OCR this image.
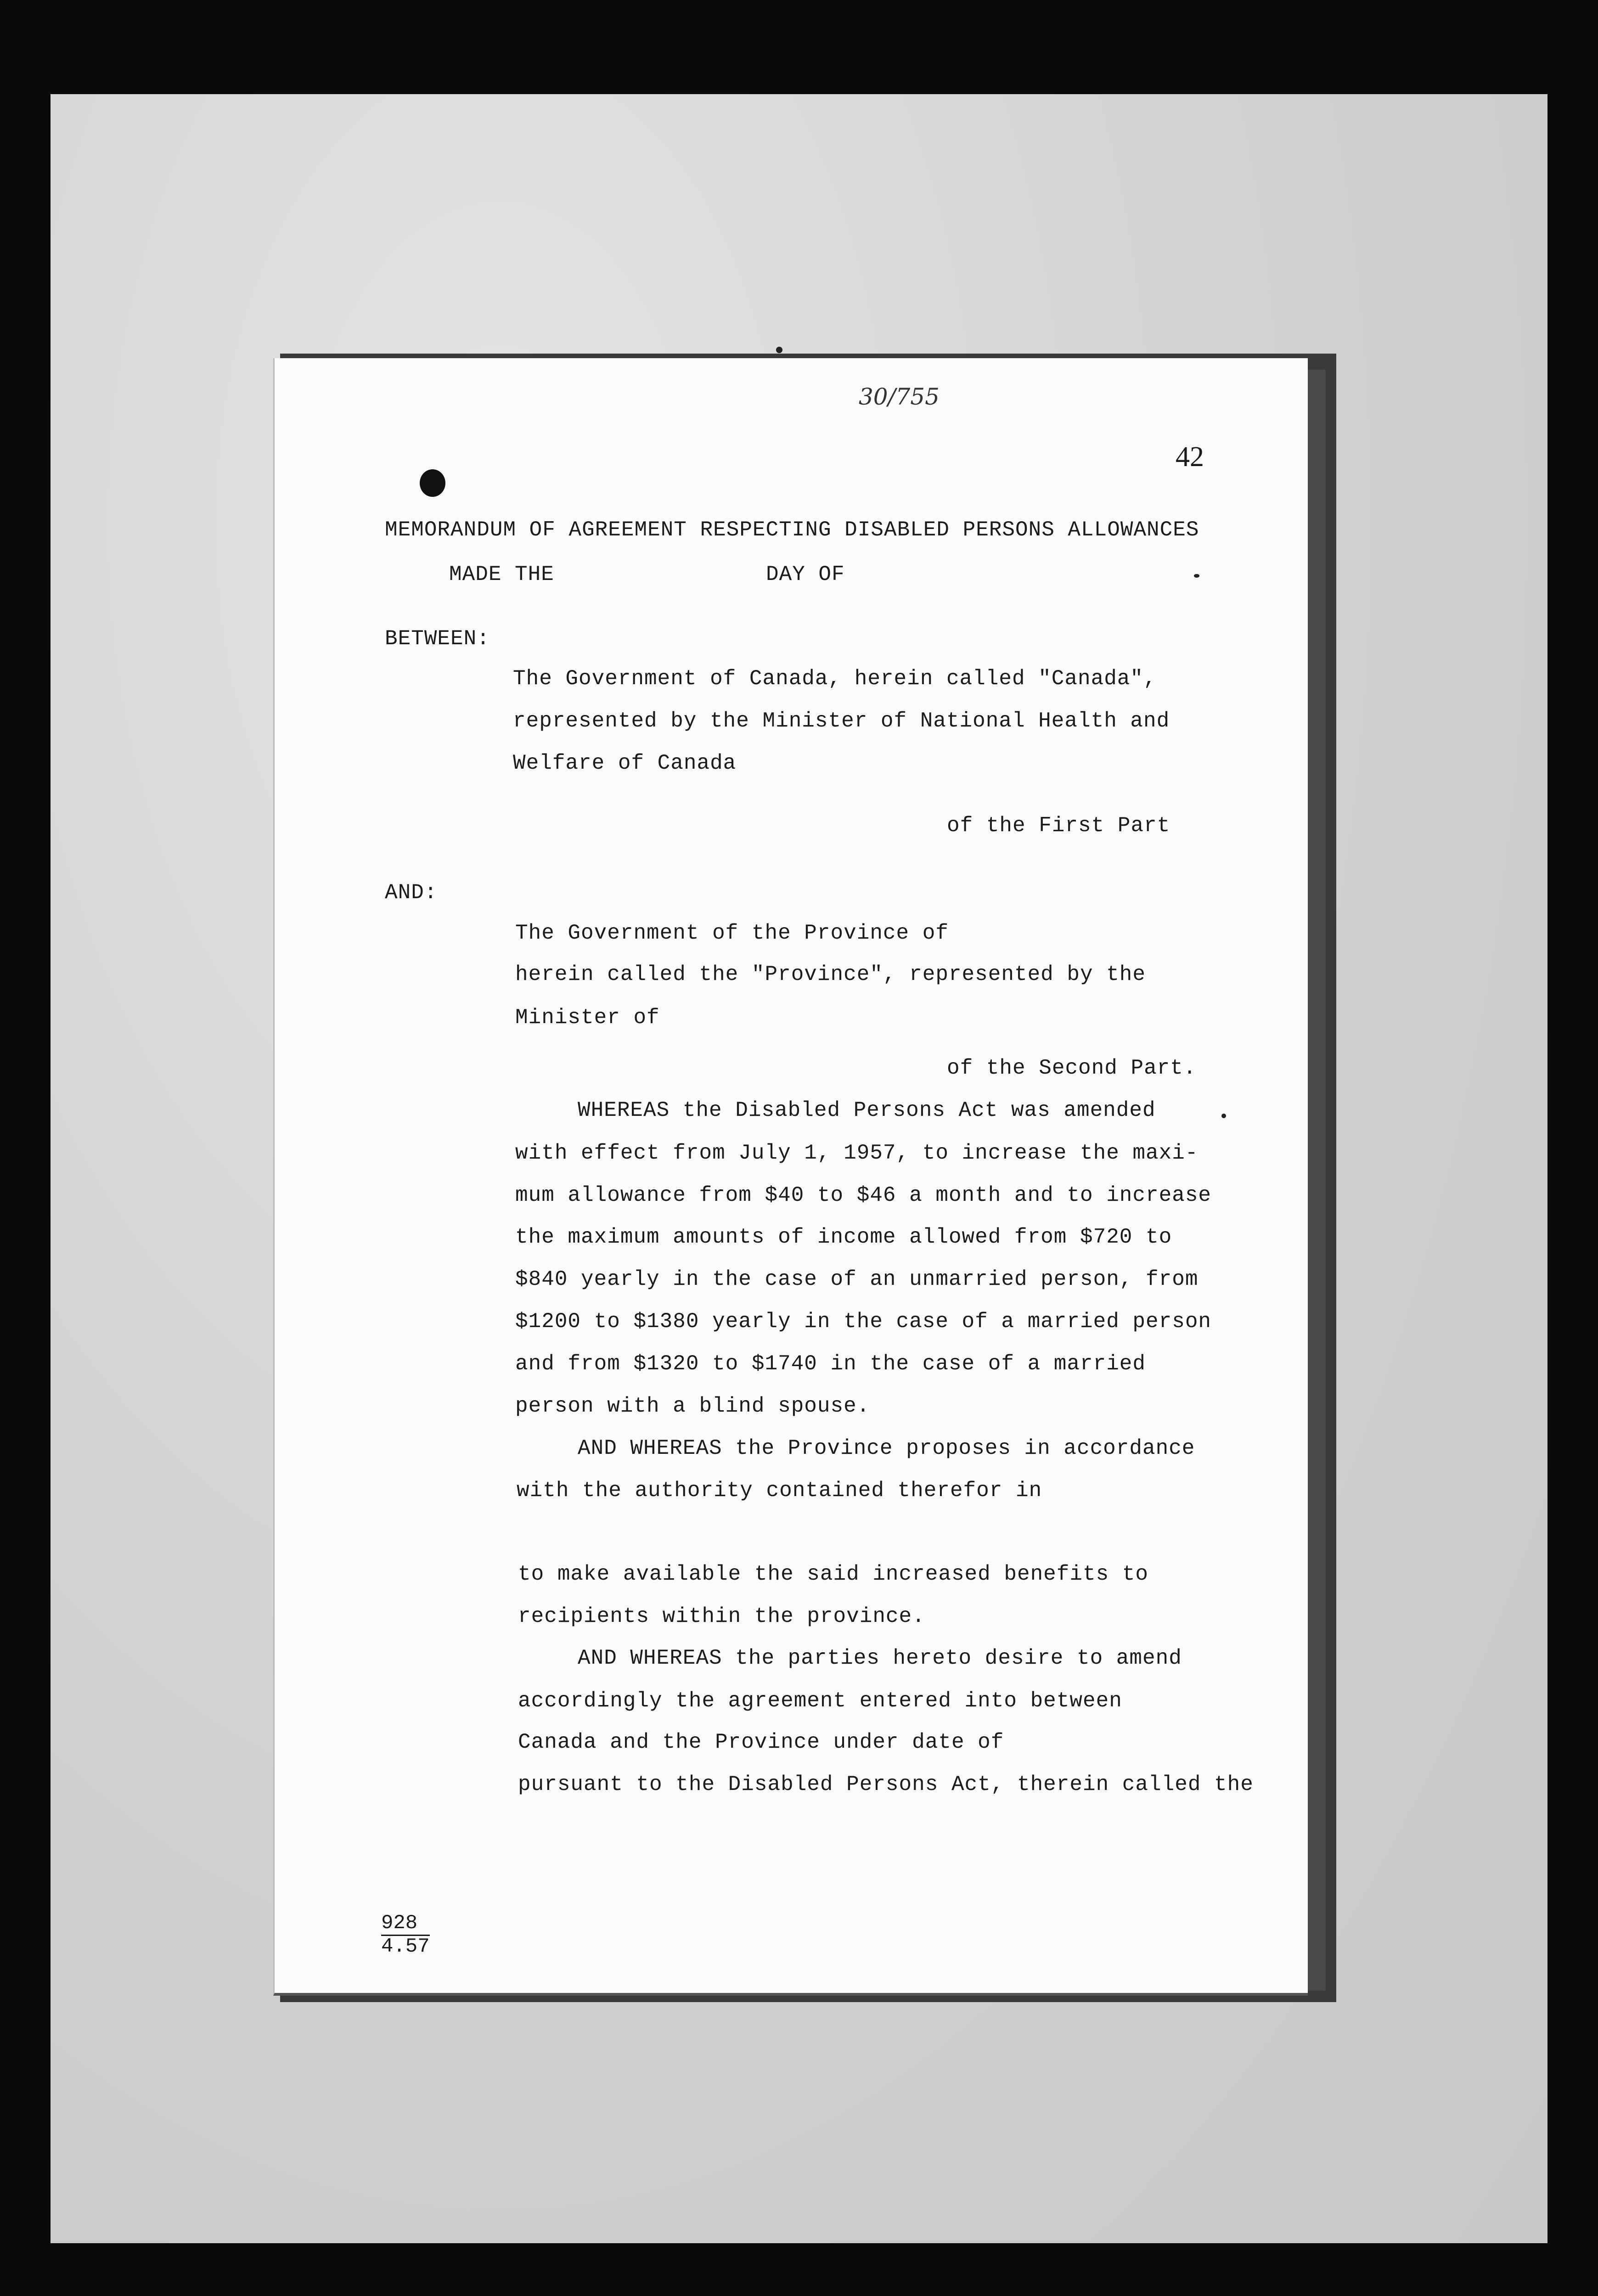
30/755
42
MEMORANDUM OF AGREEMENT RESPECTING DISABLED PERSONS ALLOWANCES
MADE THE	DAY OF
BETWEEN:
The Government of Canada, herein called "Canada",
represented by the Minister of National Health and
Welfare of Canada
of the First Part
AND:
The Government of the Province of
herein called the "Province", represented by the
Minister of
of the Second Part.
WHEREAS the Disabled Persons Act was amended
with effect from July 1, 1957, to increase the maxi-
mum allowance from $40 to $46 a month and to increase
the maximum amounts of income allowed from $720 to
$840 yearly in the case of an unmarried person, from
$1200 to $1380 yearly in the case of a married person
and from $1320 to $1740 in the case of a married
person with a blind spouse.
AND WHEREAS the Province proposes in accordance
with the authority contained therefor in
to make available the said increased benefits to
recipients within the province.
AND WHEREAS the parties hereto desire to amend
accordingly the agreement entered into between
Canada and the Province under date of
pursuant to the Disabled Persons Act, therein called the
928
4.57
